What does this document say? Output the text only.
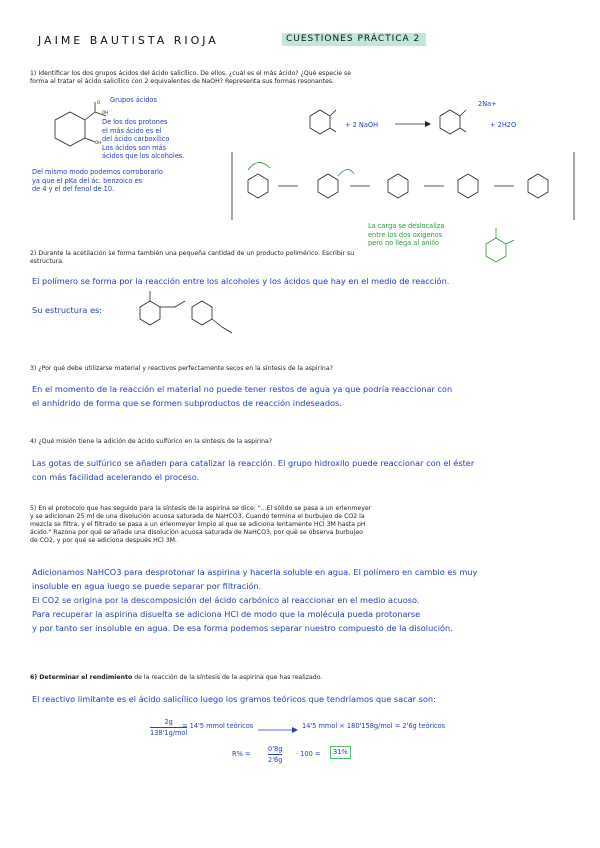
JAIME BAUTISTA RIOJA	CUESTIONES PRÁCTICA 2
1) Identificar los dos grupos ácidos del ácido salicílico. De ellos, ¿cuál es el más ácido? ¿Qué especie se forma al tratar el ácido salicílico con 2 equivalentes de NaOH? Representa sus formas resonantes.
O
OH
OH
Grupos ácidos
De los dos protones
el más ácido es el
del ácido carboxílico
Los ácidos son más
ácidos que los alcoholes.
Del mismo modo podemos corroborarlo
ya que el pKa del ác. benzoico es
de 4 y el del fenol de 10.
+ 2 NaOH
2Na+
+ 2H2O
La carga se deslocaliza
entre los dos oxígenos
pero no llega al anillo
2) Durante la acetilación se forma también una pequeña cantidad de un producto polimérico. Escribir su estructura.
El polímero se forma por la reacción entre los alcoholes y los ácidos que hay en el medio de reacción.
Su estructura es:
3) ¿Por qué debe utilizarse material y reactivos perfectamente secos en la síntesis de la aspirina?
En el momento de la reacción el material no puede tener restos de agua ya que podría reaccionar con
el anhídrido de forma que se formen subproductos de reacción indeseados.
4) ¿Qué misión tiene la adición de ácido sulfúrico en la síntesis de la aspirina?
Las gotas de sulfúrico se añaden para catalizar la reacción. El grupo hidroxilo puede reaccionar con el éster
con más facilidad acelerando el proceso.
5) En el protocolo que has seguido para la síntesis de la aspirina se dice: "...El sólido se pasa a un erlenmeyer
y se adicionan 25 ml de una disolución acuosa saturada de NaHCO3. Cuando termina el burbujeo de CO2 la
mezcla se filtra, y el filtrado se pasa a un erlenmeyer limpio al que se adiciona lentamente HCl 3M hasta pH
ácido." Razona por qué se añade una disolución acuosa saturada de NaHCO3, por qué se observa burbujeo
de CO2, y por qué se adiciona después HCl 3M.
Adicionamos NaHCO3 para desprotonar la aspirina y hacerla soluble en agua. El polímero en cambio es muy
insoluble en agua luego se puede separar por filtración.
El CO2 se origina por la descomposición del ácido carbónico al reaccionar en el medio acuoso.
Para recuperar la aspirina disuelta se adiciona HCl de modo que la molécula pueda protonarse
y por tanto ser insoluble en agua. De esa forma podemos separar nuestro compuesto de la disolución.
6) Determinar el rendimiento de la reacción de la síntesis de la aspirina que has realizado.
El reactivo limitante es el ácido salicílico luego los gramos teóricos que tendríamos que sacar son:
2g
138'1g/mol
= 14'5 mmol teóricos	14'5 mmol × 180'158g/mol = 2'6g teóricos
R% =	$\frac{0'8g}{2'6g} \cdot 100$ =	31%
